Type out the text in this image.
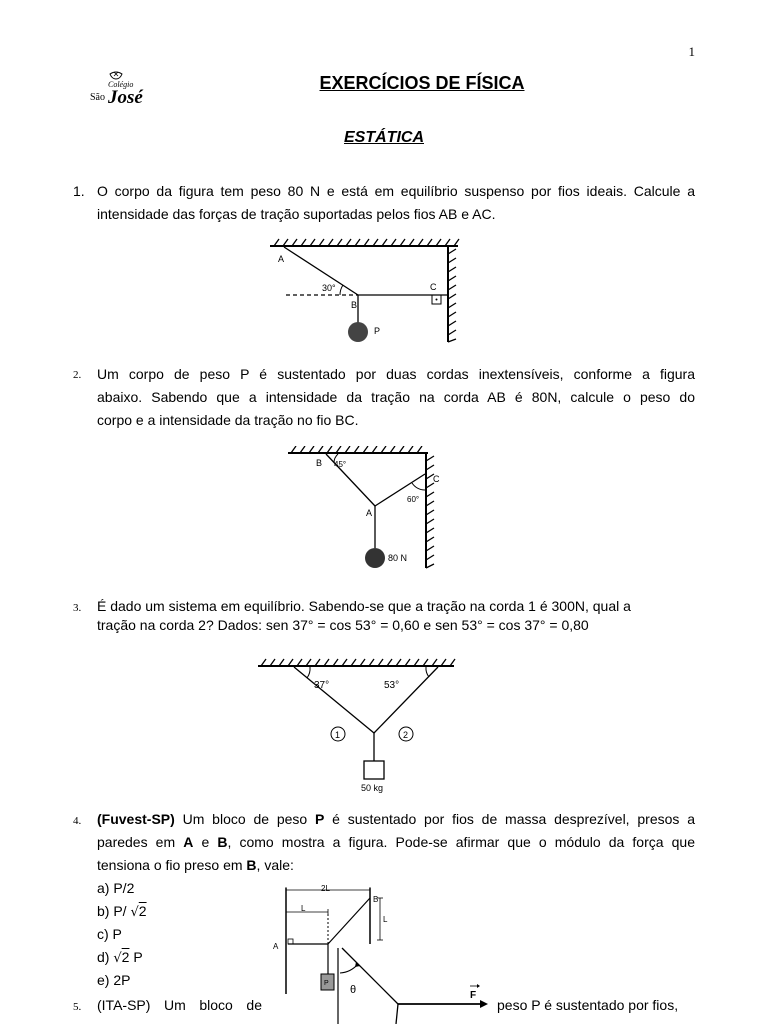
1
Colégio
São José
EXERCÍCIOS DE FÍSICA
ESTÁTICA
1. O corpo da figura tem peso 80 N e está em equilíbrio suspenso por fios ideais. Calcule a
intensidade das forças de tração suportadas pelos fios AB e AC.
A
30°
B
C
P
2. Um corpo de peso P é sustentado por duas cordas inextensíveis, conforme a figura
abaixo. Sabendo que a intensidade da tração na corda AB é 80N, calcule o peso do
corpo e a intensidade da tração no fio BC.
B 45°
C
60°
A
80 N
3. É dado um sistema em equilíbrio. Sabendo-se que a tração na corda 1 é 300N, qual a
tração na corda 2? Dados: sen 37° = cos 53° = 0,60 e sen 53° = cos 37° = 0,80
37°	53°
1	2
50 kg
4. (Fuvest-SP) Um bloco de peso P é sustentado por fios de massa desprezível, presos a
paredes em A e B, como mostra a figura. Pode-se afirmar que o módulo da força que
tensiona o fio preso em B, vale:
a) P/2
b) P/ √2
c) P
d) √2 P
e) 2P
2L
L
L
A
B
P
5. (ITA-SP) Um bloco de	peso P é sustentado por fios,
θ	F
